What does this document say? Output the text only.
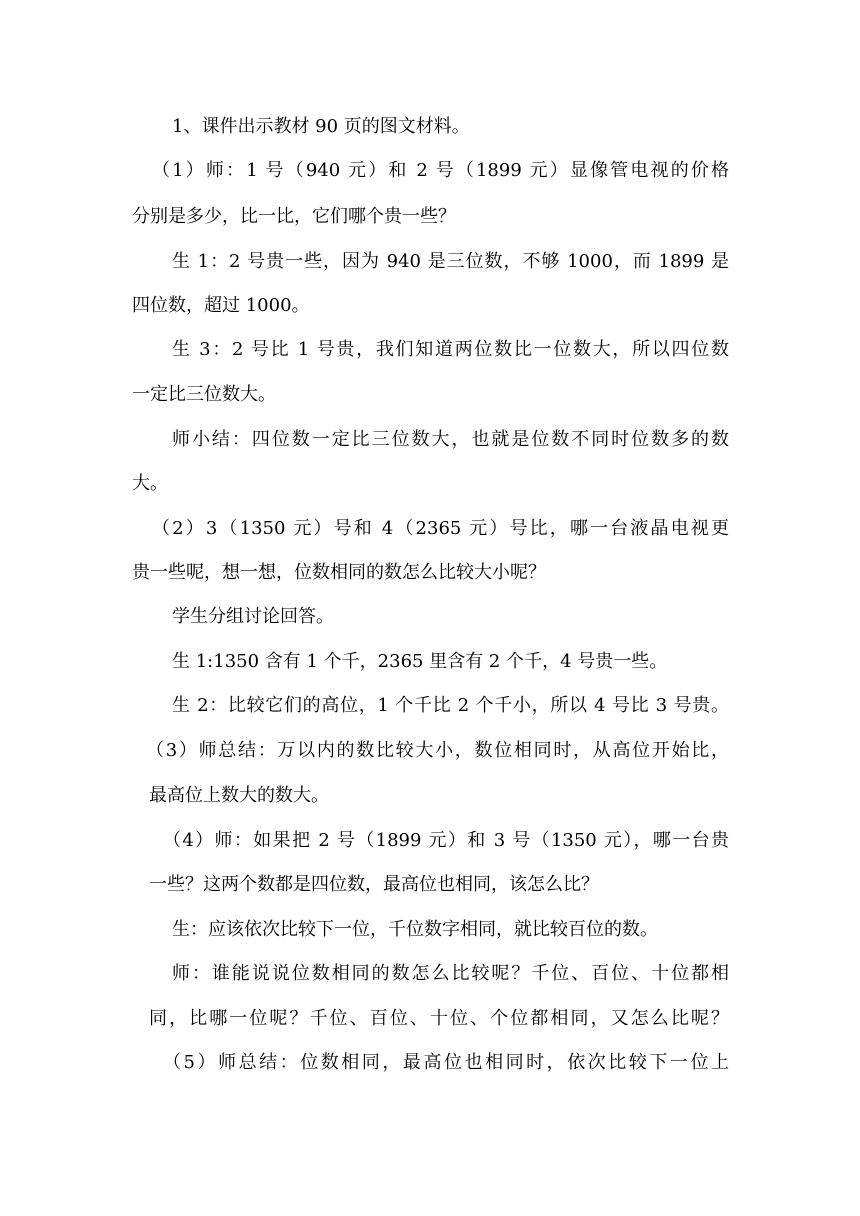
1、课件出示教材 90 页的图文材料。
（1）师：1 号（940 元）和 2 号（1899 元）显像管电视的价格
分别是多少，比一比，它们哪个贵一些？
生 1：2 号贵一些，因为 940 是三位数，不够 1000，而 1899 是
四位数，超过 1000。
生 3：2 号比 1 号贵，我们知道两位数比一位数大，所以四位数
一定比三位数大。
师小结：四位数一定比三位数大，也就是位数不同时位数多的数
大。
（2）3（1350 元）号和 4（2365 元）号比，哪一台液晶电视更
贵一些呢，想一想，位数相同的数怎么比较大小呢？
学生分组讨论回答。
生 1:1350 含有 1 个千，2365 里含有 2 个千，4 号贵一些。
生 2：比较它们的高位，1 个千比 2 个千小，所以 4 号比 3 号贵。
（3）师总结：万以内的数比较大小，数位相同时，从高位开始比，
最高位上数大的数大。
（4）师：如果把 2 号（1899 元）和 3 号（1350 元），哪一台贵
一些？这两个数都是四位数，最高位也相同，该怎么比？
生：应该依次比较下一位，千位数字相同，就比较百位的数。
师：谁能说说位数相同的数怎么比较呢？千位、百位、十位都相
同，比哪一位呢？千位、百位、十位、个位都相同，又怎么比呢？
（5）师总结：位数相同，最高位也相同时，依次比较下一位上
